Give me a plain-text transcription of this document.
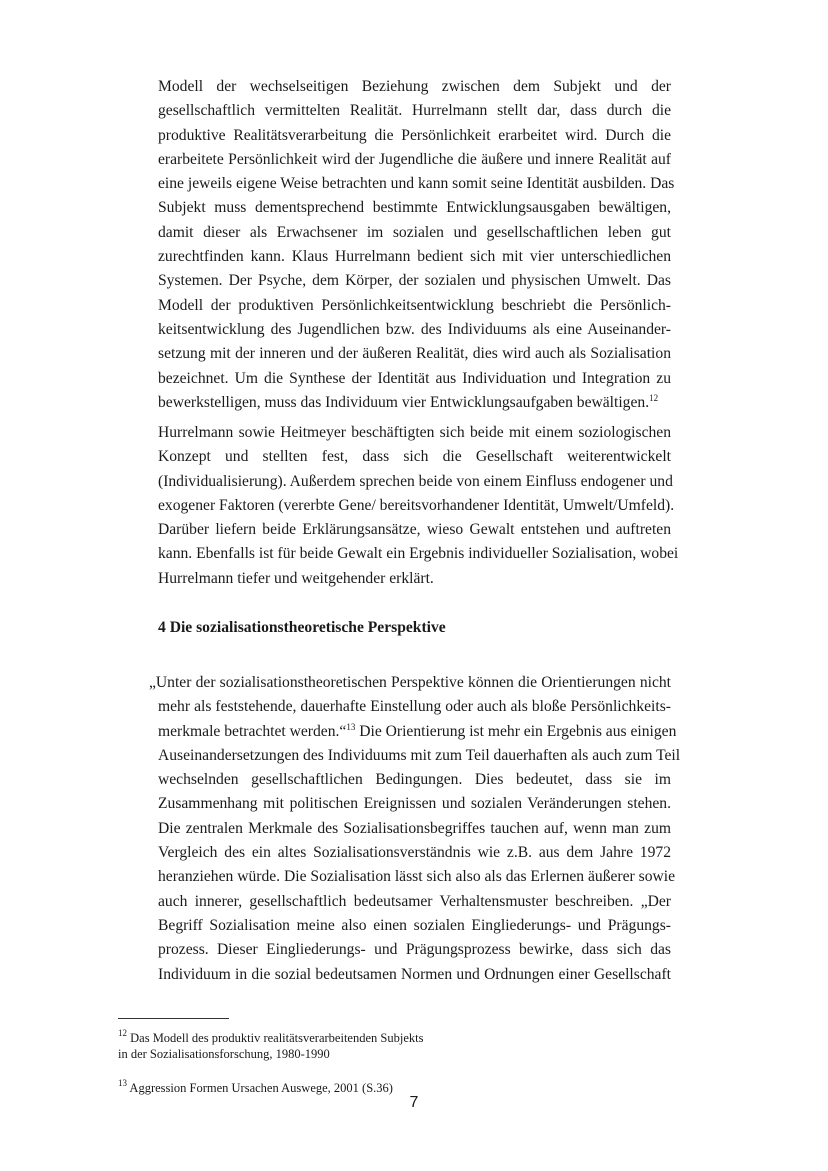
Modell der wechselseitigen Beziehung zwischen dem Subjekt und der
gesellschaftlich vermittelten Realität. Hurrelmann stellt dar, dass durch die
produktive Realitätsverarbeitung die Persönlichkeit erarbeitet wird. Durch die
erarbeitete Persönlichkeit wird der Jugendliche die äußere und innere Realität auf
eine jeweils eigene Weise betrachten und kann somit seine Identität ausbilden. Das
Subjekt muss dementsprechend bestimmte Entwicklungsausgaben bewältigen,
damit dieser als Erwachsener im sozialen und gesellschaftlichen leben gut
zurechtfinden kann. Klaus Hurrelmann bedient sich mit vier unterschiedlichen
Systemen. Der Psyche, dem Körper, der sozialen und physischen Umwelt. Das
Modell der produktiven Persönlichkeitsentwicklung beschriebt die Persönlich-
keitsentwicklung des Jugendlichen bzw. des Individuums als eine Auseinander-
setzung mit der inneren und der äußeren Realität, dies wird auch als Sozialisation
bezeichnet. Um die Synthese der Identität aus Individuation und Integration zu
bewerkstelligen, muss das Individuum vier Entwicklungsaufgaben bewältigen.$^{12}$
Hurrelmann sowie Heitmeyer beschäftigten sich beide mit einem soziologischen
Konzept und stellten fest, dass sich die Gesellschaft weiterentwickelt
(Individualisierung). Außerdem sprechen beide von einem Einfluss endogener und
exogener Faktoren (vererbte Gene/ bereitsvorhandener Identität, Umwelt/Umfeld).
Darüber liefern beide Erklärungsansätze, wieso Gewalt entstehen und auftreten
kann. Ebenfalls ist für beide Gewalt ein Ergebnis individueller Sozialisation, wobei
Hurrelmann tiefer und weitgehender erklärt.
4 Die sozialisationstheoretische Perspektive
„Unter der sozialisationstheoretischen Perspektive können die Orientierungen nicht
mehr als feststehende, dauerhafte Einstellung oder auch als bloße Persönlichkeits-
merkmale betrachtet werden.“$^{13}$ Die Orientierung ist mehr ein Ergebnis aus einigen
Auseinandersetzungen des Individuums mit zum Teil dauerhaften als auch zum Teil
wechselnden gesellschaftlichen Bedingungen. Dies bedeutet, dass sie im
Zusammenhang mit politischen Ereignissen und sozialen Veränderungen stehen.
Die zentralen Merkmale des Sozialisationsbegriffes tauchen auf, wenn man zum
Vergleich des ein altes Sozialisationsverständnis wie z.B. aus dem Jahre 1972
heranziehen würde. Die Sozialisation lässt sich also als das Erlernen äußerer sowie
auch innerer, gesellschaftlich bedeutsamer Verhaltensmuster beschreiben. „Der
Begriff Sozialisation meine also einen sozialen Eingliederungs- und Prägungs-
prozess. Dieser Eingliederungs- und Prägungsprozess bewirke, dass sich das
Individuum in die sozial bedeutsamen Normen und Ordnungen einer Gesellschaft
$^{12}$ Das Modell des produktiv realitätsverarbeitenden Subjekts
in der Sozialisationsforschung, 1980-1990
$^{13}$ Aggression Formen Ursachen Auswege, 2001 (S.36)
7
